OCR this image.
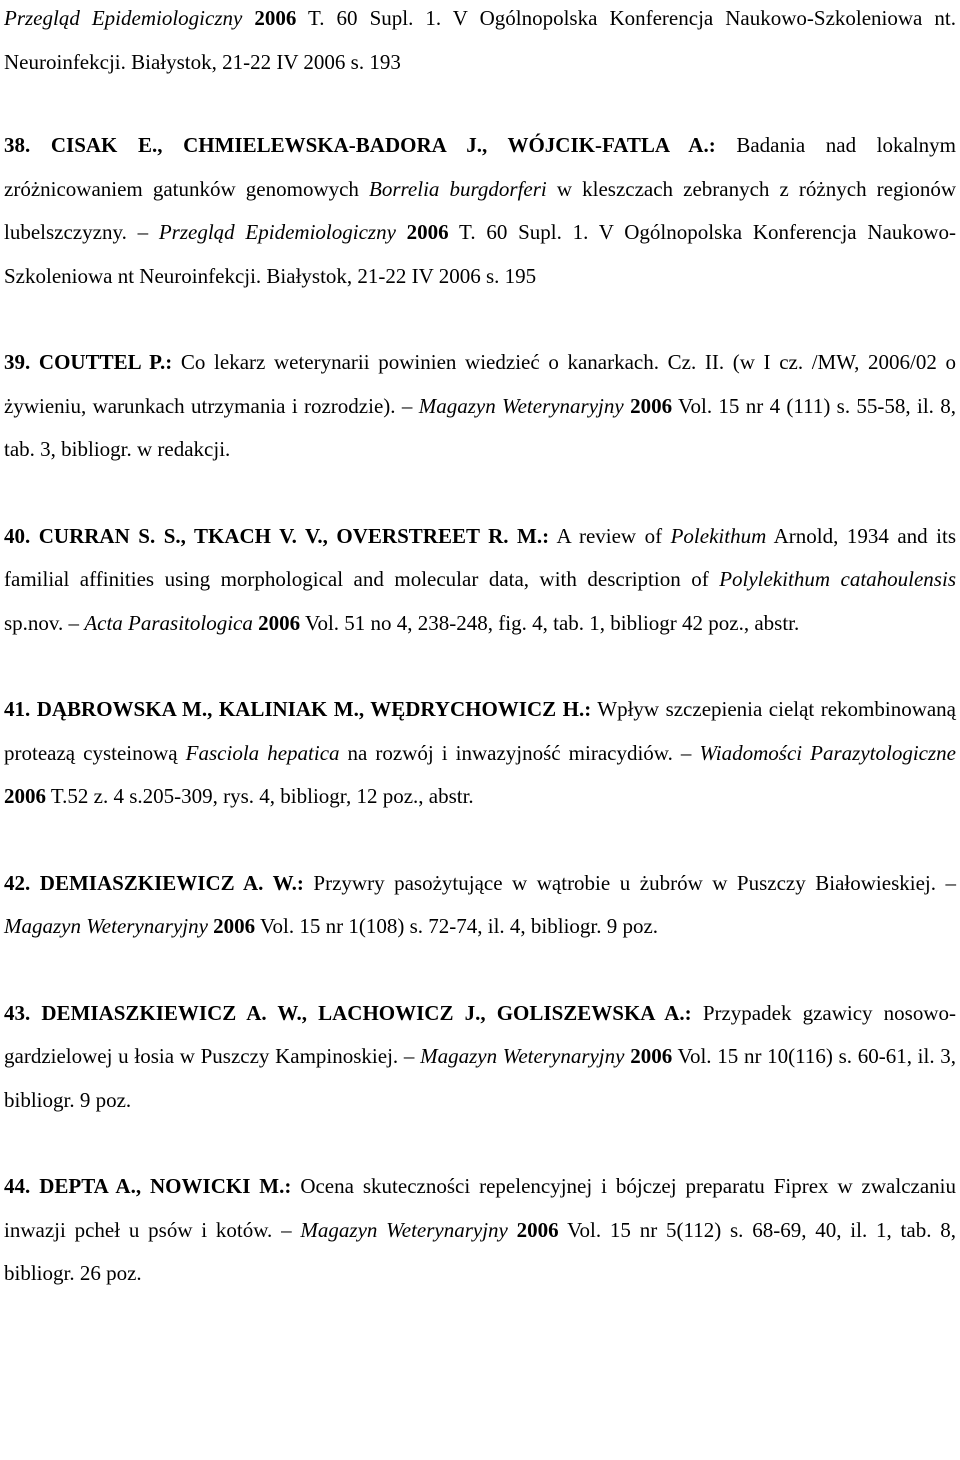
Przegląd Epidemiologiczny 2006 T. 60 Supl. 1. V Ogólnopolska Konferencja Naukowo-Szkoleniowa nt. Neuroinfekcji. Białystok, 21-22 IV 2006 s. 193

38. CISAK E., CHMIELEWSKA-BADORA J., WÓJCIK-FATLA A.: Badania nad lokalnym zróżnicowaniem gatunków genomowych Borrelia burgdorferi w kleszczach zebranych z różnych regionów lubelszczyzny. – Przegląd Epidemiologiczny 2006 T. 60 Supl. 1. V Ogólnopolska Konferencja Naukowo-Szkoleniowa nt Neuroinfekcji. Białystok, 21-22 IV 2006 s. 195

39. COUTTEL P.: Co lekarz weterynarii powinien wiedzieć o kanarkach. Cz. II. (w I cz. /MW, 2006/02 o żywieniu, warunkach utrzymania i rozrodzie). – Magazyn Weterynaryjny 2006 Vol. 15 nr 4 (111) s. 55-58, il. 8, tab. 3, bibliogr. w redakcji.

40. CURRAN S. S., TKACH V. V., OVERSTREET R. M.: A review of Polekithum Arnold, 1934 and its familial affinities using morphological and molecular data, with description of Polylekithum catahoulensis sp.nov. – Acta Parasitologica 2006 Vol. 51 no 4, 238-248, fig. 4, tab. 1, bibliogr 42 poz., abstr.

41. DĄBROWSKA M., KALINIAK M., WĘDRYCHOWICZ H.: Wpływ szczepienia cieląt rekombinowaną proteazą cysteinową Fasciola hepatica na rozwój i inwazyjność miracydiów. – Wiadomości Parazytologiczne 2006 T.52 z. 4 s.205-309, rys. 4, bibliogr, 12 poz., abstr.

42. DEMIASZKIEWICZ A. W.: Przywry pasożytujące w wątrobie u żubrów w Puszczy Białowieskiej. – Magazyn Weterynaryjny 2006 Vol. 15 nr 1(108) s. 72-74, il. 4, bibliogr. 9 poz.

43. DEMIASZKIEWICZ A. W., LACHOWICZ J., GOLISZEWSKA A.: Przypadek gzawicy nosowo-gardzielowej u łosia w Puszczy Kampinoskiej. – Magazyn Weterynaryjny 2006 Vol. 15 nr 10(116) s. 60-61, il. 3, bibliogr. 9 poz.

44. DEPTA A., NOWICKI M.: Ocena skuteczności repelencyjnej i bójczej preparatu Fiprex w zwalczaniu inwazji pcheł u psów i kotów. – Magazyn Weterynaryjny 2006 Vol. 15 nr 5(112) s. 68-69, 40, il. 1, tab. 8, bibliogr. 26 poz.
